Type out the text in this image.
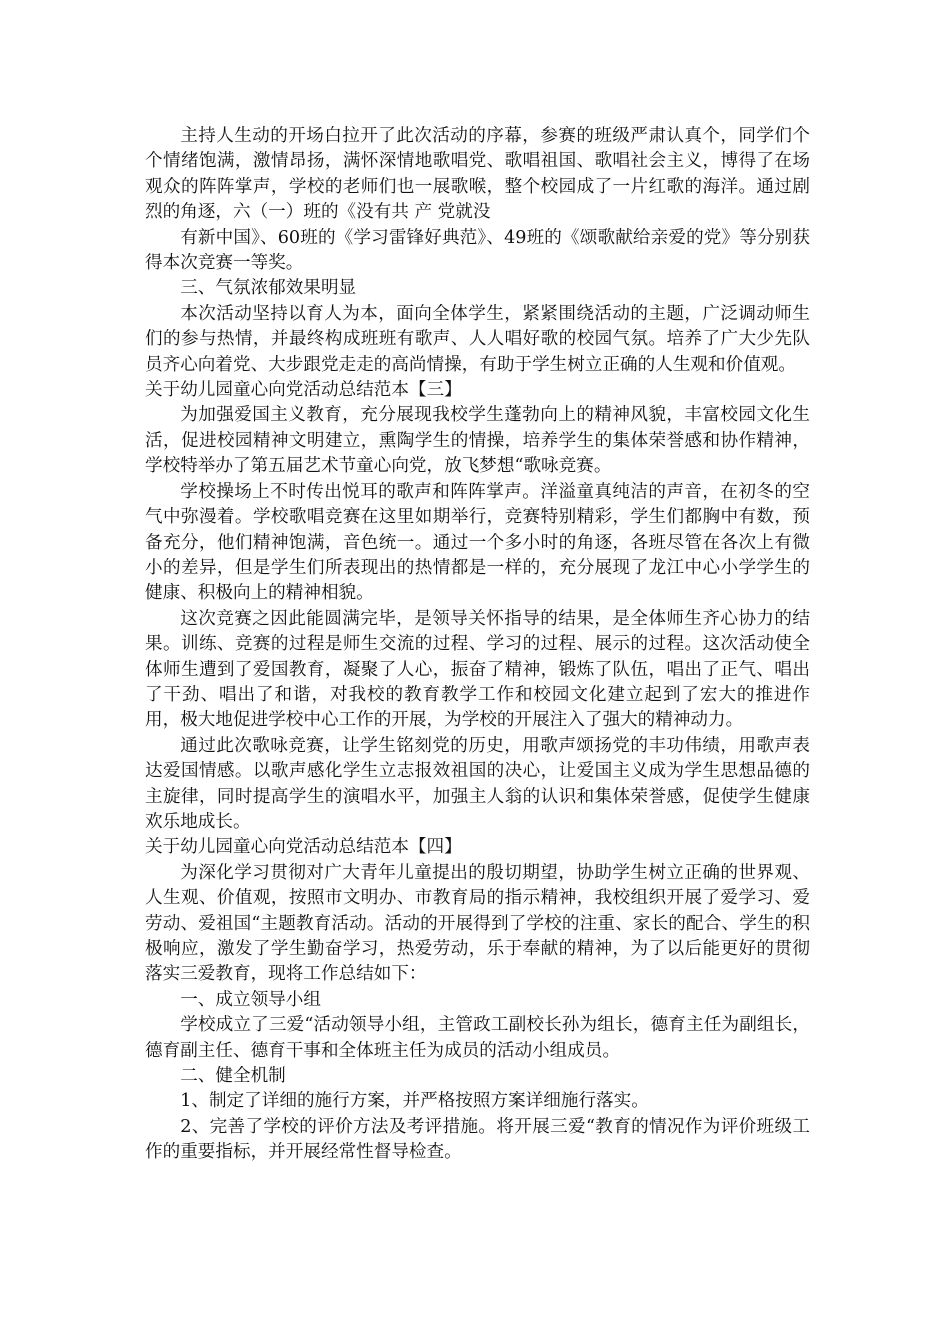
主持人生动的开场白拉开了此次活动的序幕，参赛的班级严肃认真个，同学们个个情绪饱满，激情昂扬，满怀深情地歌唱党、歌唱祖国、歌唱社会主义，博得了在场观众的阵阵掌声，学校的老师们也一展歌喉，整个校园成了一片红歌的海洋。通过剧烈的角逐，六（一）班的《没有共 产 党就没

有新中国》、60班的《学习雷锋好典范》、49班的《颂歌献给亲爱的党》等分别获得本次竞赛一等奖。

三、气氛浓郁效果明显

本次活动坚持以育人为本，面向全体学生，紧紧围绕活动的主题，广泛调动师生们的参与热情，并最终构成班班有歌声、人人唱好歌的校园气氛。培养了广大少先队员齐心向着党、大步跟党走走的高尚情操，有助于学生树立正确的人生观和价值观。

关于幼儿园童心向党活动总结范本【三】

为加强爱国主义教育，充分展现我校学生蓬勃向上的精神风貌，丰富校园文化生活，促进校园精神文明建立，熏陶学生的情操，培养学生的集体荣誉感和协作精神，学校特举办了第五届艺术节童心向党，放飞梦想“歌咏竞赛。

学校操场上不时传出悦耳的歌声和阵阵掌声。洋溢童真纯洁的声音，在初冬的空气中弥漫着。学校歌唱竞赛在这里如期举行，竞赛特别精彩，学生们都胸中有数，预备充分，他们精神饱满，音色统一。通过一个多小时的角逐，各班尽管在各次上有微小的差异，但是学生们所表现出的热情都是一样的，充分展现了龙江中心小学学生的健康、积极向上的精神相貌。

这次竞赛之因此能圆满完毕，是领导关怀指导的结果，是全体师生齐心协力的结果。训练、竞赛的过程是师生交流的过程、学习的过程、展示的过程。这次活动使全体师生遭到了爱国教育，凝聚了人心，振奋了精神，锻炼了队伍，唱出了正气、唱出了干劲、唱出了和谐，对我校的教育教学工作和校园文化建立起到了宏大的推进作用，极大地促进学校中心工作的开展，为学校的开展注入了强大的精神动力。

通过此次歌咏竞赛，让学生铭刻党的历史，用歌声颂扬党的丰功伟绩，用歌声表达爱国情感。以歌声感化学生立志报效祖国的决心，让爱国主义成为学生思想品德的主旋律，同时提高学生的演唱水平，加强主人翁的认识和集体荣誉感，促使学生健康欢乐地成长。

关于幼儿园童心向党活动总结范本【四】

为深化学习贯彻对广大青年儿童提出的殷切期望，协助学生树立正确的世界观、人生观、价值观，按照市文明办、市教育局的指示精神，我校组织开展了爱学习、爱劳动、爱祖国“主题教育活动。活动的开展得到了学校的注重、家长的配合、学生的积极响应，激发了学生勤奋学习，热爱劳动，乐于奉献的精神，为了以后能更好的贯彻落实三爱教育，现将工作总结如下：

一、成立领导小组

学校成立了三爱“活动领导小组，主管政工副校长孙为组长，德育主任为副组长，德育副主任、德育干事和全体班主任为成员的活动小组成员。

二、健全机制

1、制定了详细的施行方案，并严格按照方案详细施行落实。

2、完善了学校的评价方法及考评措施。将开展三爱“教育的情况作为评价班级工作的重要指标，并开展经常性督导检查。
